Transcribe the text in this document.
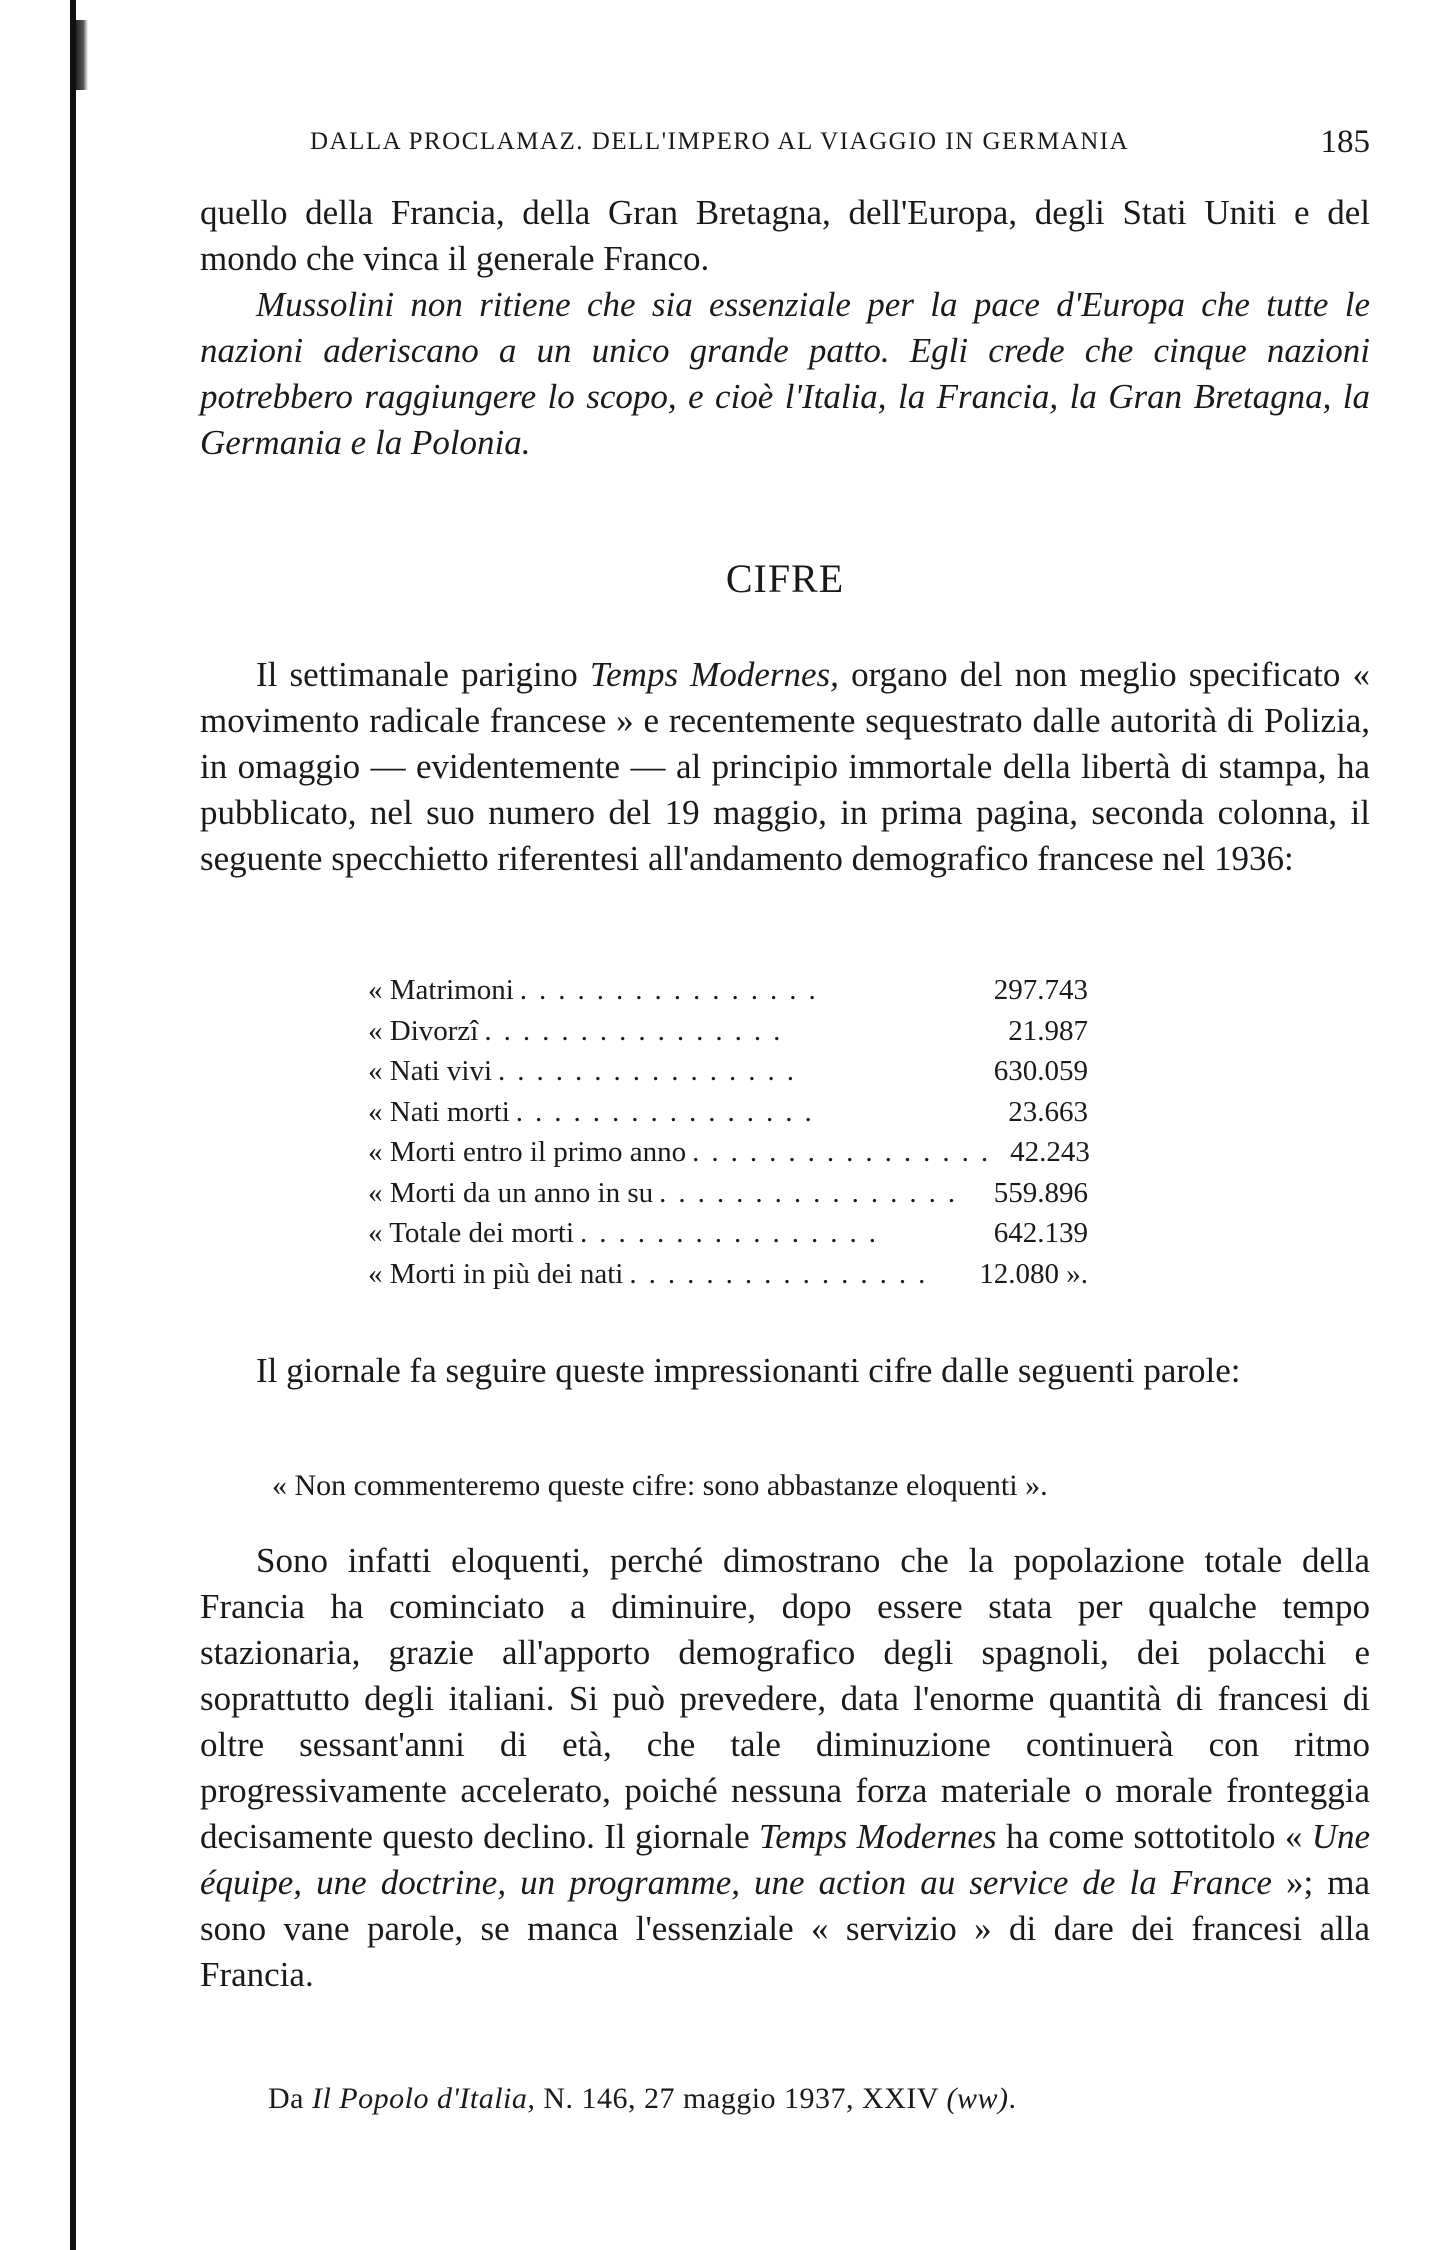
DALLA PROCLAMAZ. DELL'IMPERO AL VIAGGIO IN GERMANIA	185
quello della Francia, della Gran Bretagna, dell'Europa, degli Stati Uniti e del mondo che vinca il generale Franco.
Mussolini non ritiene che sia essenziale per la pace d'Europa che tutte le nazioni aderiscano a un unico grande patto. Egli crede che cinque nazioni potrebbero raggiungere lo scopo, e cioè l'Italia, la Francia, la Gran Bretagna, la Germania e la Polonia.
CIFRE
Il settimanale parigino Temps Modernes, organo del non meglio specificato « movimento radicale francese » e recentemente sequestrato dalle autorità di Polizia, in omaggio — evidentemente — al principio immortale della libertà di stampa, ha pubblicato, nel suo numero del 19 maggio, in prima pagina, seconda colonna, il seguente specchietto riferentesi all'andamento demografico francese nel 1936:
« Matrimoni ................	297.743
« Divorzî ................	21.987
« Nati vivi ................	630.059
« Nati morti ................	23.663
« Morti entro il primo anno ................ 42.243
« Morti da un anno in su ................ 559.896
« Totale dei morti ................	642.139
« Morti in più dei nati ................	12.080 ».
Il giornale fa seguire queste impressionanti cifre dalle seguenti parole:
« Non commenteremo queste cifre: sono abbastanze eloquenti ».
Sono infatti eloquenti, perché dimostrano che la popolazione totale della Francia ha cominciato a diminuire, dopo essere stata per qualche tempo stazionaria, grazie all'apporto demografico degli spagnoli, dei polacchi e soprattutto degli italiani. Si può prevedere, data l'enorme quantità di francesi di oltre sessant'anni di età, che tale diminuzione continuerà con ritmo progressivamente accelerato, poiché nessuna forza materiale o morale fronteggia decisamente questo declino. Il giornale Temps Modernes ha come sottotitolo « Une équipe, une doctrine, un programme, une action au service de la France »; ma sono vane parole, se manca l'essenziale « servizio » di dare dei francesi alla Francia.
Da Il Popolo d'Italia, N. 146, 27 maggio 1937, XXIV (ww).
